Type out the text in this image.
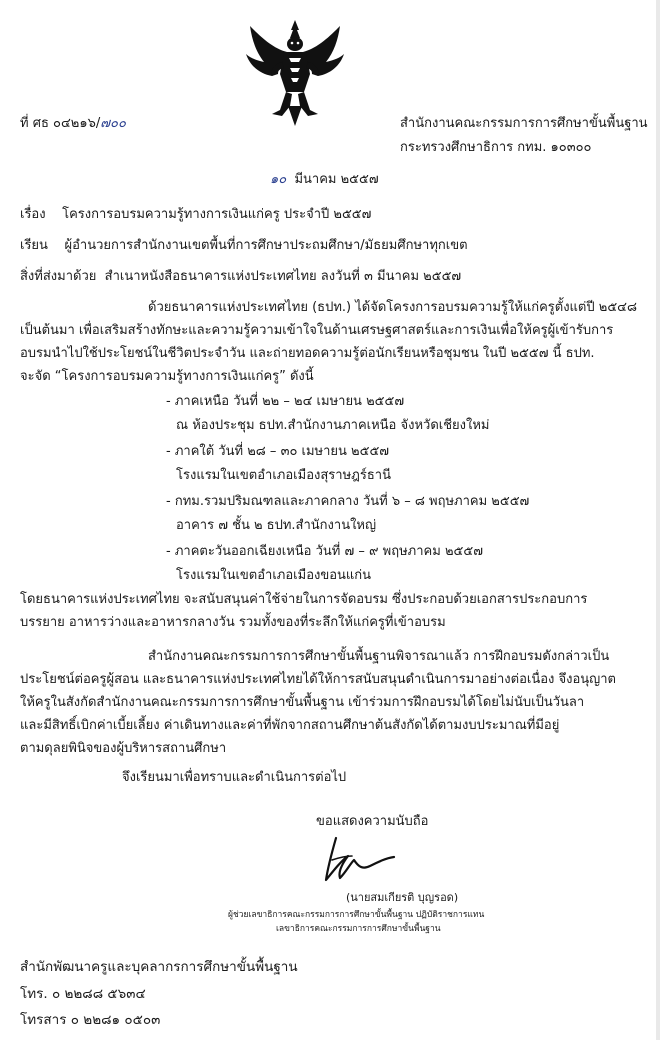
ที่ ศธ ๐๔๒๑๖/๗๐๐	สำนักงานคณะกรรมการการศึกษาขั้นพื้นฐาน
กระทรวงศึกษาธิการ กทม. ๑๐๓๐๐
๑๐ มีนาคม ๒๕๕๗
เรื่อง โครงการอบรมความรู้ทางการเงินแก่ครู ประจำปี ๒๕๕๗
เรียน ผู้อำนวยการสำนักงานเขตพื้นที่การศึกษาประถมศึกษา/มัธยมศึกษาทุกเขต
สิ่งที่ส่งมาด้วย สำเนาหนังสือธนาคารแห่งประเทศไทย ลงวันที่ ๓ มีนาคม ๒๕๕๗
ด้วยธนาคารแห่งประเทศไทย (ธปท.) ได้จัดโครงการอบรมความรู้ให้แก่ครูตั้งแต่ปี ๒๕๔๘
เป็นต้นมา เพื่อเสริมสร้างทักษะและความรู้ความเข้าใจในด้านเศรษฐศาสตร์และการเงินเพื่อให้ครูผู้เข้ารับการ
อบรมนำไปใช้ประโยชน์ในชีวิตประจำวัน และถ่ายทอดความรู้ต่อนักเรียนหรือชุมชน ในปี ๒๕๕๗ นี้ ธปท.
จะจัด “โครงการอบรมความรู้ทางการเงินแก่ครู” ดังนี้
- ภาคเหนือ วันที่ ๒๒ – ๒๔ เมษายน ๒๕๕๗
ณ ห้องประชุม ธปท.สำนักงานภาคเหนือ จังหวัดเชียงใหม่
- ภาคใต้ วันที่ ๒๘ – ๓๐ เมษายน ๒๕๕๗
โรงแรมในเขตอำเภอเมืองสุราษฎร์ธานี
- กทม.รวมปริมณฑลและภาคกลาง วันที่ ๖ – ๘ พฤษภาคม ๒๕๕๗
อาคาร ๗ ชั้น ๒ ธปท.สำนักงานใหญ่
- ภาคตะวันออกเฉียงเหนือ วันที่ ๗ – ๙ พฤษภาคม ๒๕๕๗
โรงแรมในเขตอำเภอเมืองขอนแก่น
โดยธนาคารแห่งประเทศไทย จะสนับสนุนค่าใช้จ่ายในการจัดอบรม ซึ่งประกอบด้วยเอกสารประกอบการ
บรรยาย อาหารว่างและอาหารกลางวัน รวมทั้งของที่ระลึกให้แก่ครูที่เข้าอบรม
สำนักงานคณะกรรมการการศึกษาขั้นพื้นฐานพิจารณาแล้ว การฝึกอบรมดังกล่าวเป็น
ประโยชน์ต่อครูผู้สอน และธนาคารแห่งประเทศไทยได้ให้การสนับสนุนดำเนินการมาอย่างต่อเนื่อง จึงอนุญาต
ให้ครูในสังกัดสำนักงานคณะกรรมการการศึกษาขั้นพื้นฐาน เข้าร่วมการฝึกอบรมได้โดยไม่นับเป็นวันลา
และมีสิทธิ์เบิกค่าเบี้ยเลี้ยง ค่าเดินทางและค่าที่พักจากสถานศึกษาต้นสังกัดได้ตามงบประมาณที่มีอยู่
ตามดุลยพินิจของผู้บริหารสถานศึกษา
จึงเรียนมาเพื่อทราบและดำเนินการต่อไป
ขอแสดงความนับถือ
(นายสมเกียรติ บุญรอด)
ผู้ช่วยเลขาธิการคณะกรรมการการศึกษาขั้นพื้นฐาน ปฏิบัติราชการแทน
เลขาธิการคณะกรรมการการศึกษาขั้นพื้นฐาน
สำนักพัฒนาครูและบุคลากรการศึกษาขั้นพื้นฐาน
โทร. ๐ ๒๒๘๘ ๕๖๓๔
โทรสาร ๐ ๒๒๘๑ ๐๕๐๓
